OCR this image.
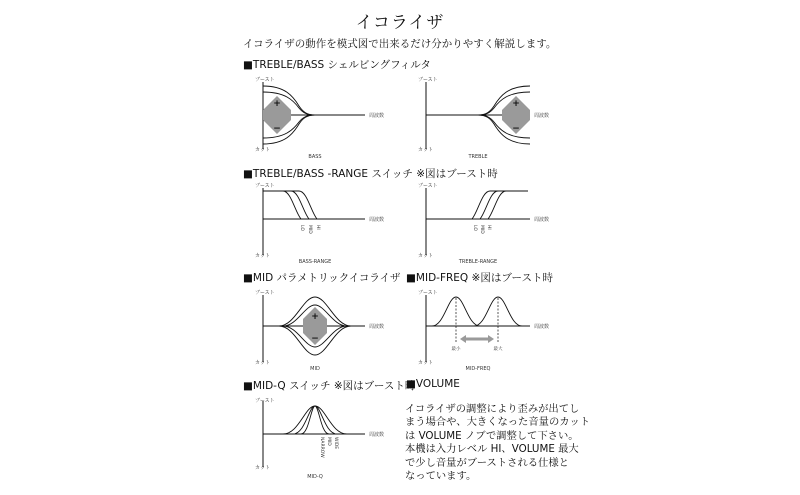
イコライザ
イコライザの動作を模式図で出来るだけ分かりやすく解説します。
■TREBLE/BASS シェルビングフィルタ
■TREBLE/BASS -RANGE スイッチ ※図はブースト時
■MID パラメトリックイコライザ ■MID-FREQ ※図はブースト時
■MID-Q スイッチ ※図はブースト時
■VOLUME
ブースト
カット
周波数
+
−
BASS
ブースト
カット
周波数
+
−
TREBLE
ブースト
カット
周波数
LO MID HI
BASS-RANGE
ブースト
カット
周波数
LO MID HI
TREBLE-RANGE
ブースト
カット
周波数
+
−
MID
ブースト
カット
周波数
最小	最大
MID-FREQ
ブースト
カット
周波数
NARROW MID WIDE
MID-Q
イコライザの調整により歪みが出てし
まう場合や、大きくなった音量のカット
は VOLUME ノブで調整して下さい。
本機は入力レベル HI、VOLUME 最大
で少し音量がブーストされる仕様と
なっています。
